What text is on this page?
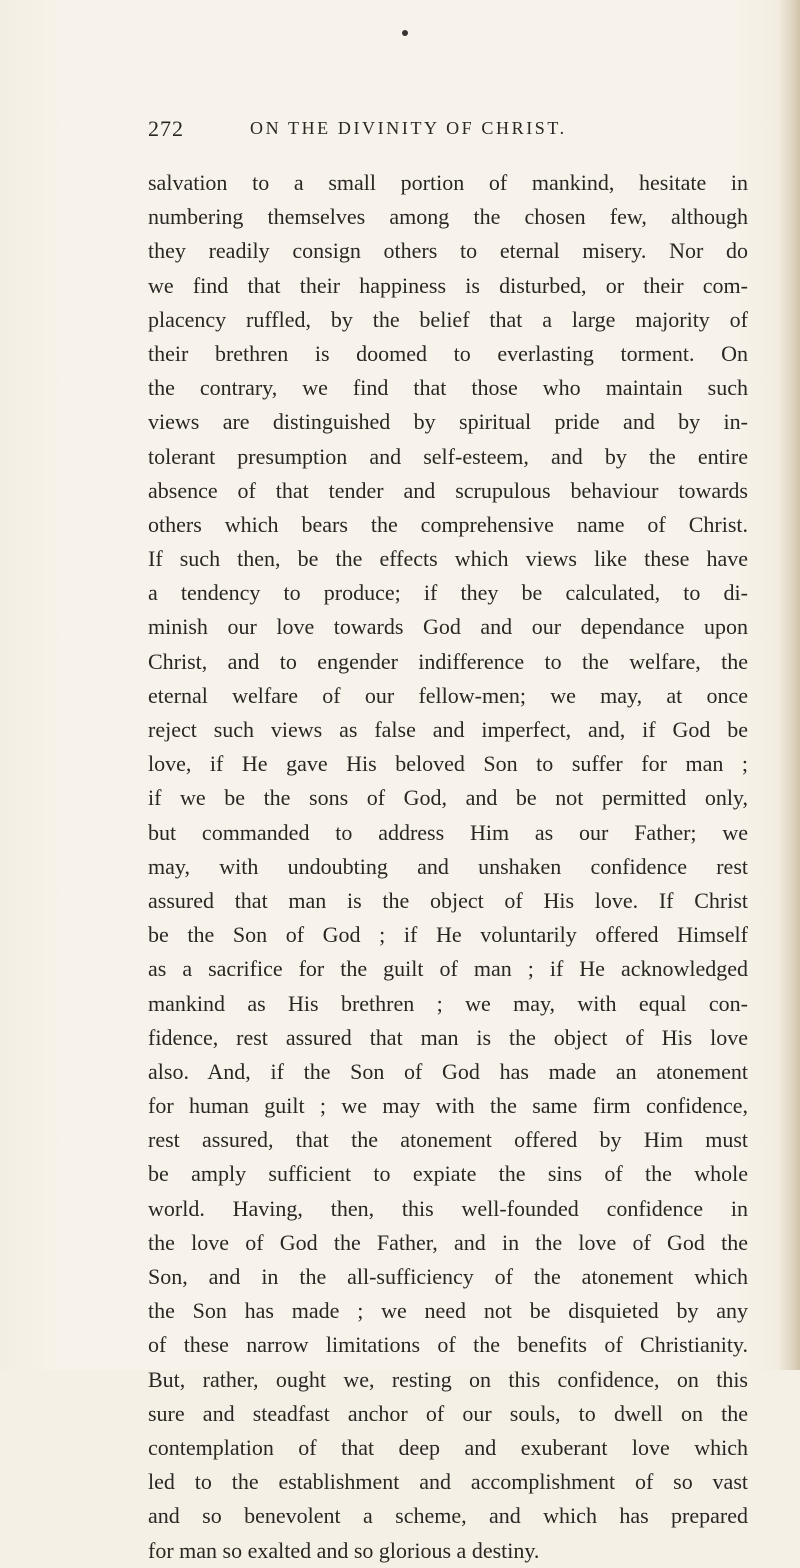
272	ON THE DIVINITY OF CHRIST.
salvation to a small portion of mankind, hesitate in
numbering themselves among the chosen few, although
they readily consign others to eternal misery. Nor do
we find that their happiness is disturbed, or their com-
placency ruffled, by the belief that a large majority of
their brethren is doomed to everlasting torment. On
the contrary, we find that those who maintain such
views are distinguished by spiritual pride and by in-
tolerant presumption and self-esteem, and by the entire
absence of that tender and scrupulous behaviour towards
others which bears the comprehensive name of Christ.
If such then, be the effects which views like these have
a tendency to produce; if they be calculated, to di-
minish our love towards God and our dependance upon
Christ, and to engender indifference to the welfare, the
eternal welfare of our fellow-men; we may, at once
reject such views as false and imperfect, and, if God be
love, if He gave His beloved Son to suffer for man ;
if we be the sons of God, and be not permitted only,
but commanded to address Him as our Father; we
may, with undoubting and unshaken confidence rest
assured that man is the object of His love. If Christ
be the Son of God ; if He voluntarily offered Himself
as a sacrifice for the guilt of man ; if He acknowledged
mankind as His brethren ; we may, with equal con-
fidence, rest assured that man is the object of His love
also. And, if the Son of God has made an atonement
for human guilt ; we may with the same firm confidence,
rest assured, that the atonement offered by Him must
be amply sufficient to expiate the sins of the whole
world. Having, then, this well-founded confidence in
the love of God the Father, and in the love of God the
Son, and in the all-sufficiency of the atonement which
the Son has made ; we need not be disquieted by any
of these narrow limitations of the benefits of Christianity.
But, rather, ought we, resting on this confidence, on this
sure and steadfast anchor of our souls, to dwell on the
contemplation of that deep and exuberant love which
led to the establishment and accomplishment of so vast
and so benevolent a scheme, and which has prepared
for man so exalted and so glorious a destiny.
